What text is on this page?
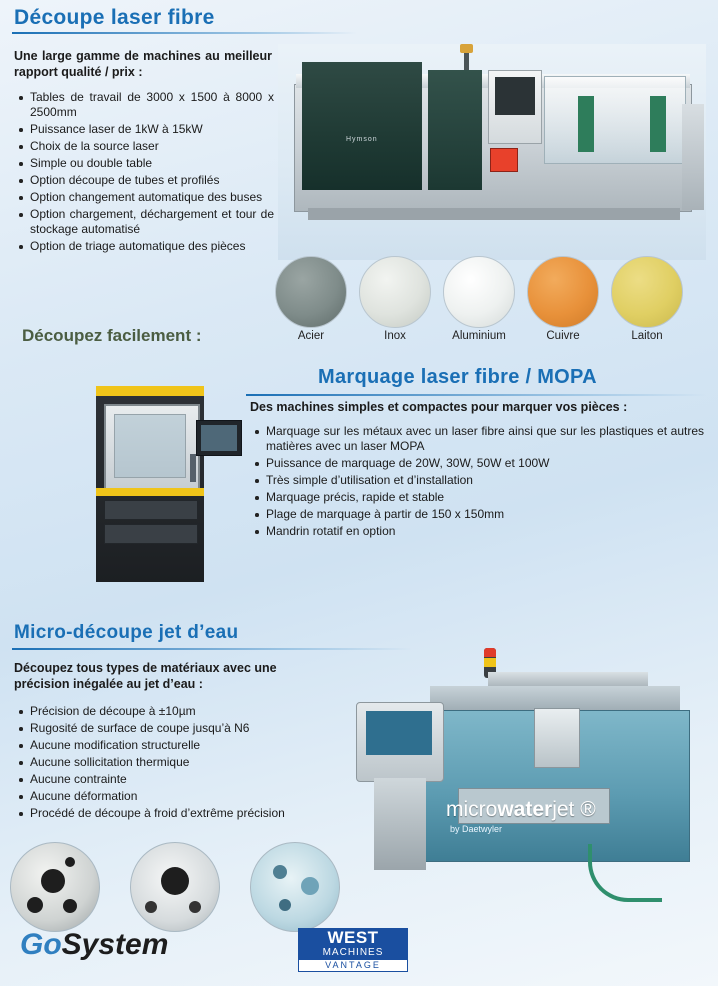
Découpe laser fibre
Une large gamme de machines au meilleur rapport qualité / prix :
Tables de travail de 3000 x 1500 à 8000 x 2500mm
Puissance laser de 1kW à 15kW
Choix de la source laser
Simple ou double table
Option découpe de tubes et profilés
Option changement automatique des buses
Option chargement, déchargement et tour de stockage automatisé
Option de triage automatique des pièces
Hymson
Acier	Inox	Aluminium	Cuivre	Laiton
Découpez facilement :
Marquage laser fibre / MOPA
Des machines simples et compactes pour marquer vos pièces :
Marquage sur les métaux avec un laser fibre ainsi que sur les plastiques et autres matières avec un laser MOPA
Puissance de marquage de 20W, 30W, 50W et 100W
Très simple d’utilisation et d’installation
Marquage précis, rapide et stable
Plage de marquage à partir de 150 x 150mm
Mandrin rotatif en option
Micro-découpe jet d’eau
Découpez tous types de matériaux avec une précision inégalée au jet d’eau :
Précision de découpe à ±10µm
Rugosité de surface de coupe jusqu’à N6
Aucune modification structurelle
Aucune sollicitation thermique
Aucune contrainte
Aucune déformation
Procédé de découpe à froid d’extrême précision	microwaterjet ®
by Daetwyler
GoSystem	WEST
MACHINES
VANTAGE
